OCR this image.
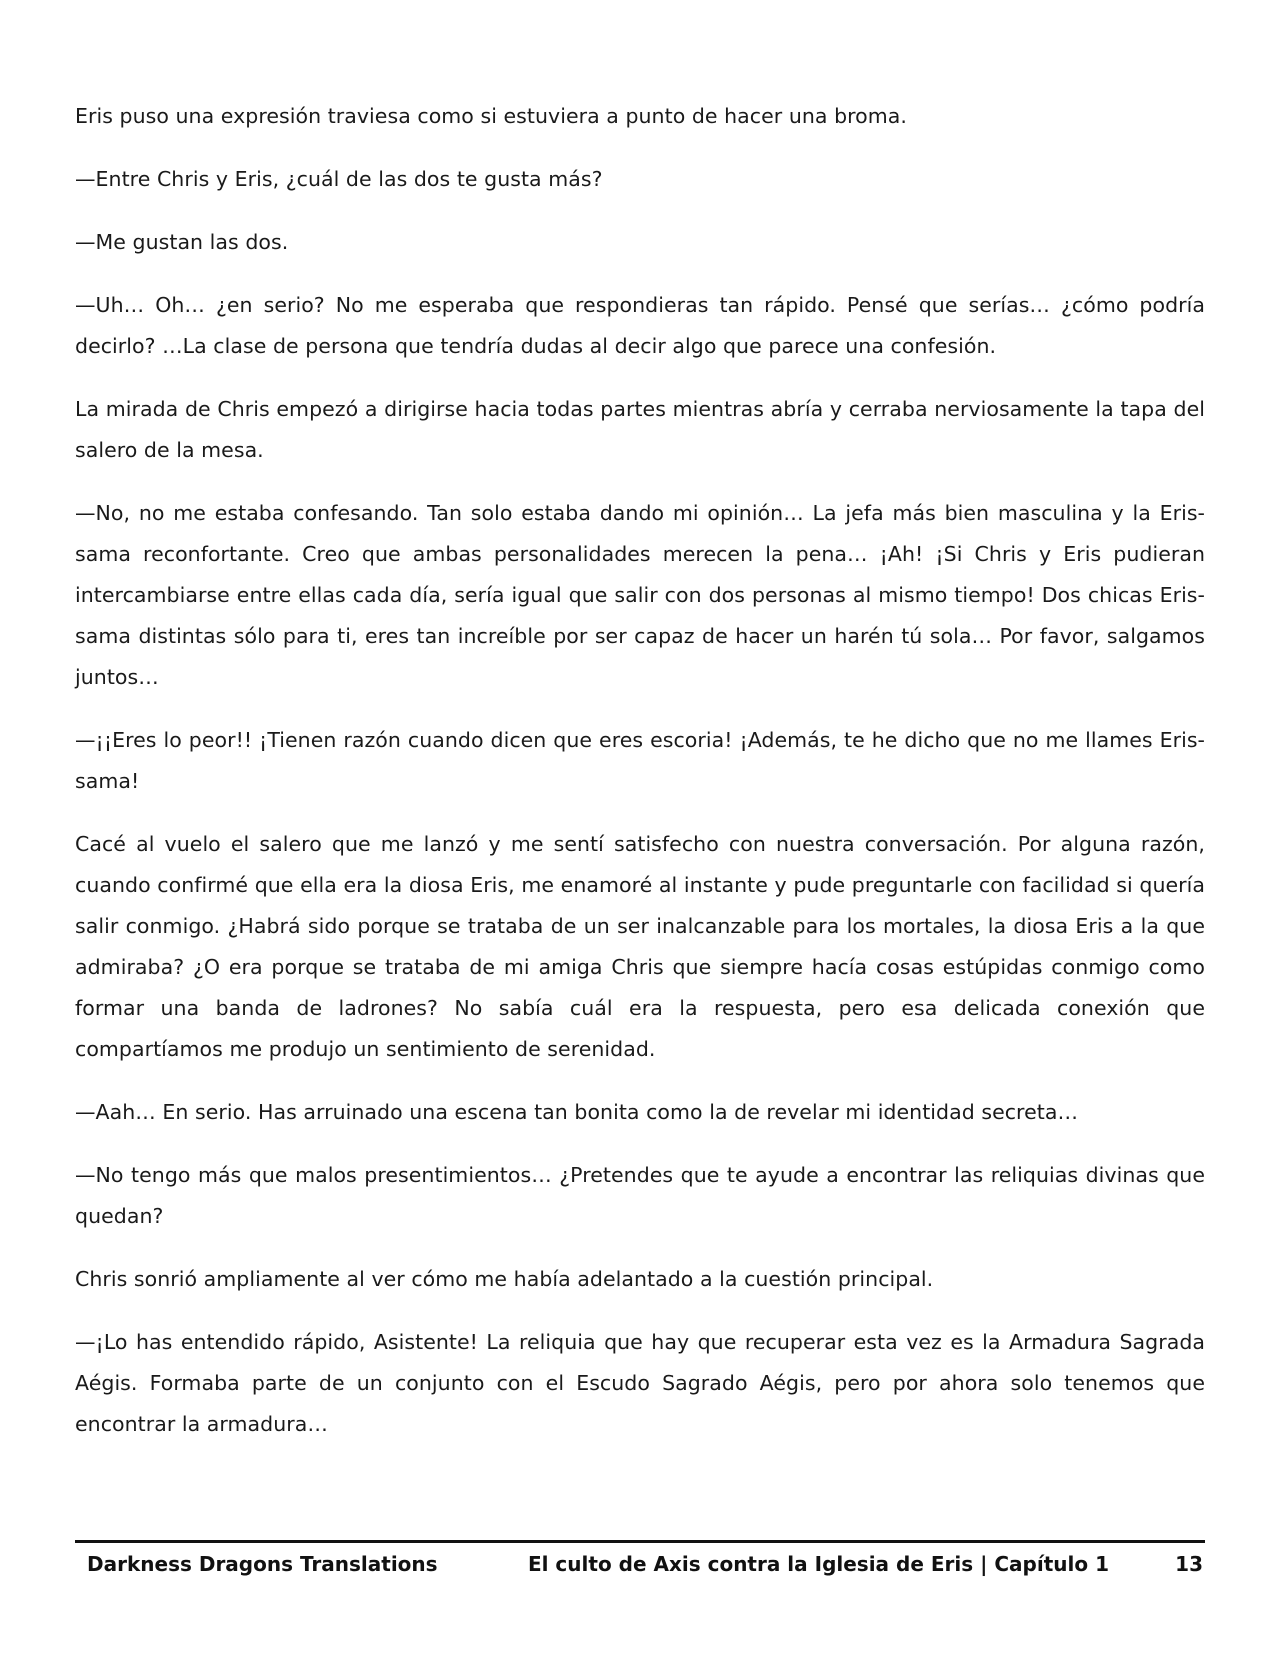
Eris puso una expresión traviesa como si estuviera a punto de hacer una broma.

—Entre Chris y Eris, ¿cuál de las dos te gusta más?

—Me gustan las dos.

—Uh… Oh… ¿en serio? No me esperaba que respondieras tan rápido. Pensé que serías… ¿cómo podría decirlo? …La clase de persona que tendría dudas al decir algo que parece una confesión.

La mirada de Chris empezó a dirigirse hacia todas partes mientras abría y cerraba nerviosamente la tapa del salero de la mesa.

—No, no me estaba confesando. Tan solo estaba dando mi opinión… La jefa más bien masculina y la Eris-sama reconfortante. Creo que ambas personalidades merecen la pena… ¡Ah! ¡Si Chris y Eris pudieran intercambiarse entre ellas cada día, sería igual que salir con dos personas al mismo tiempo! Dos chicas Eris-sama distintas sólo para ti, eres tan increíble por ser capaz de hacer un harén tú sola… Por favor, salgamos juntos…

—¡¡Eres lo peor!! ¡Tienen razón cuando dicen que eres escoria! ¡Además, te he dicho que no me llames Eris-sama!

Cacé al vuelo el salero que me lanzó y me sentí satisfecho con nuestra conversación. Por alguna razón, cuando confirmé que ella era la diosa Eris, me enamoré al instante y pude preguntarle con facilidad si quería salir conmigo. ¿Habrá sido porque se trataba de un ser inalcanzable para los mortales, la diosa Eris a la que admiraba? ¿O era porque se trataba de mi amiga Chris que siempre hacía cosas estúpidas conmigo como formar una banda de ladrones? No sabía cuál era la respuesta, pero esa delicada conexión que compartíamos me produjo un sentimiento de serenidad.

—Aah… En serio. Has arruinado una escena tan bonita como la de revelar mi identidad secreta…

—No tengo más que malos presentimientos… ¿Pretendes que te ayude a encontrar las reliquias divinas que quedan?

Chris sonrió ampliamente al ver cómo me había adelantado a la cuestión principal.

—¡Lo has entendido rápido, Asistente! La reliquia que hay que recuperar esta vez es la Armadura Sagrada Aégis. Formaba parte de un conjunto con el Escudo Sagrado Aégis, pero por ahora solo tenemos que encontrar la armadura…

Darkness Dragons Translations	El culto de Axis contra la Iglesia de Eris | Capítulo 1	13
